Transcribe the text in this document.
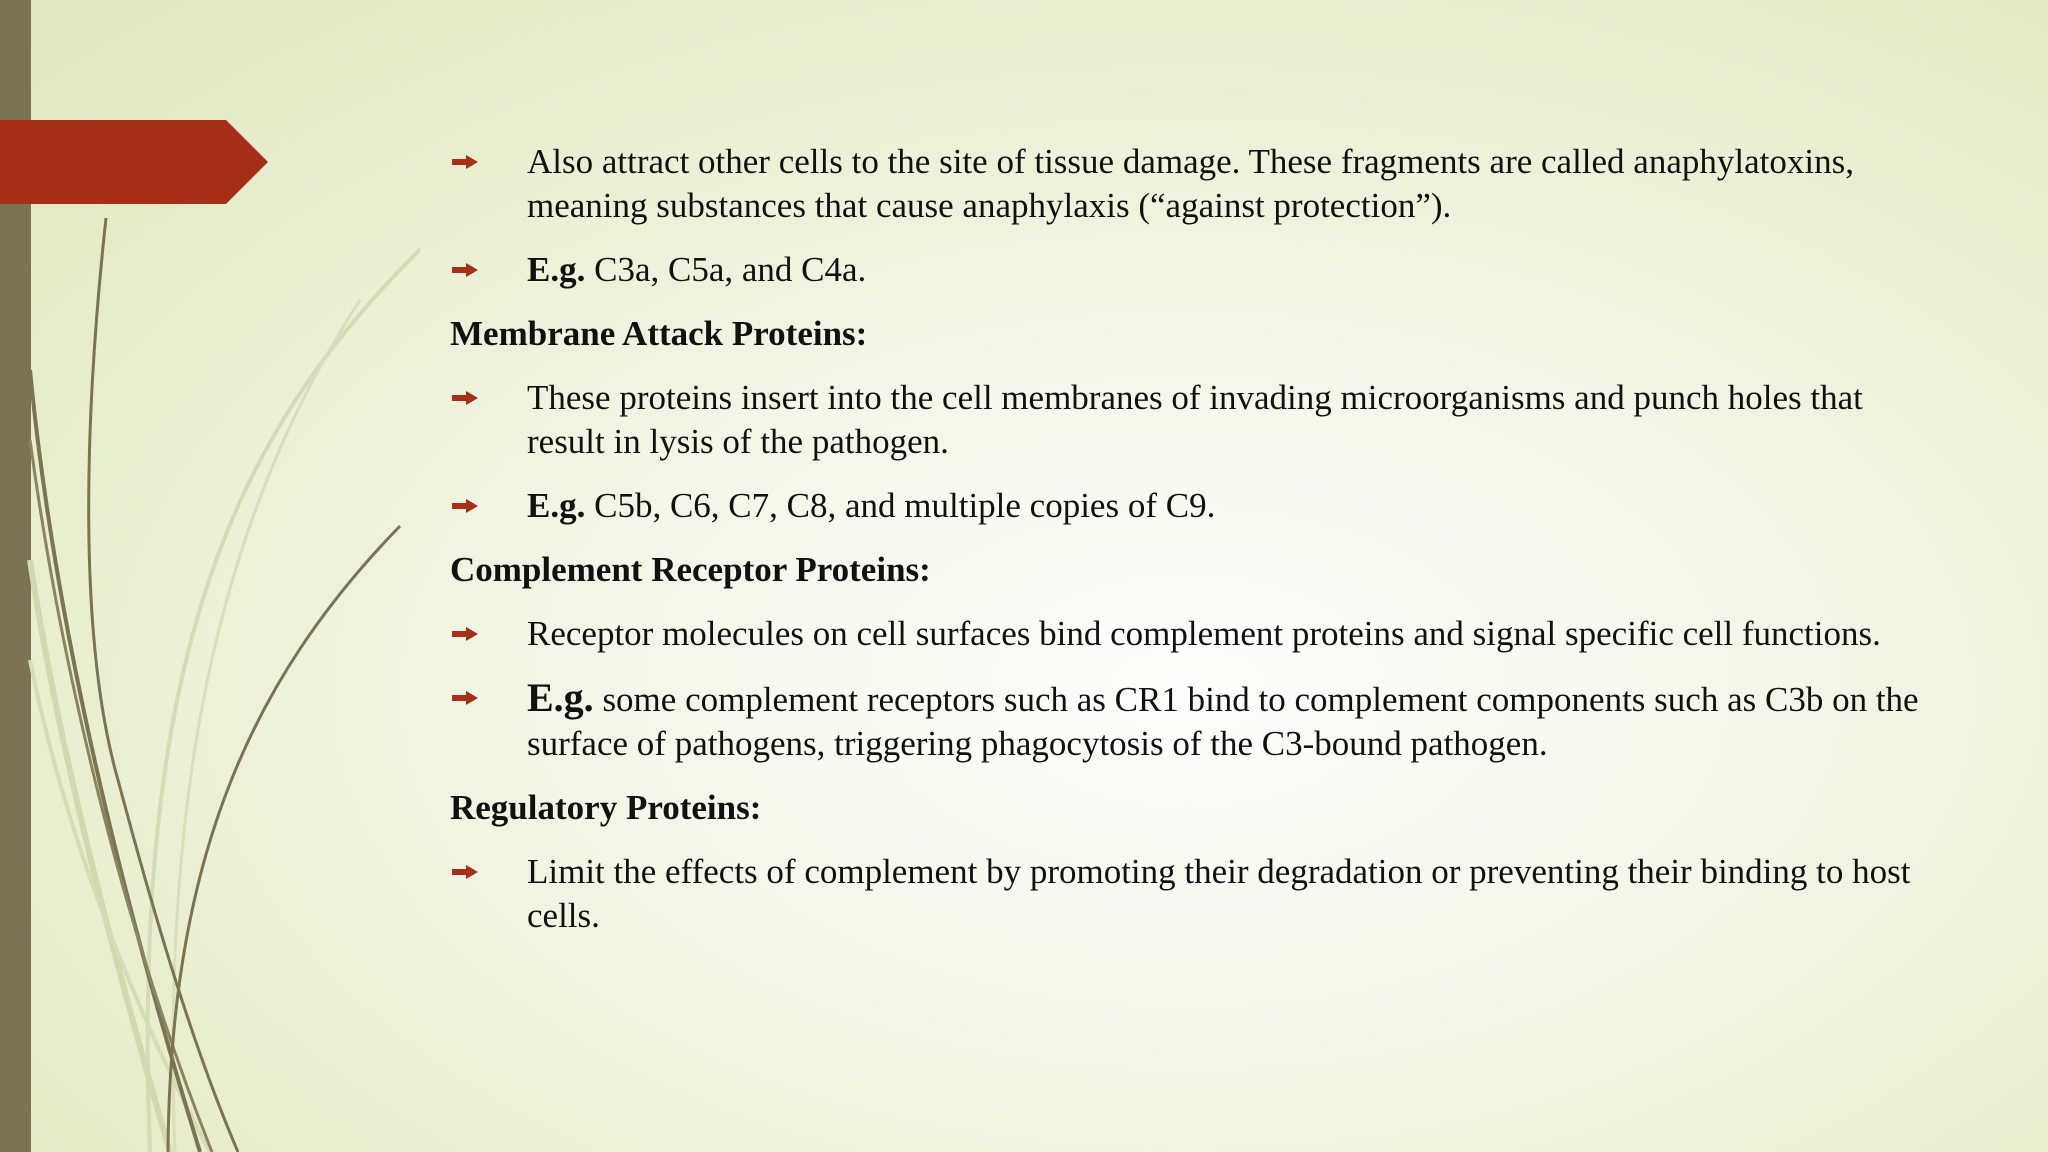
Also attract other cells to the site of tissue damage. These fragments are called anaphylatoxins, meaning substances that cause anaphylaxis (“against protection”).
E.g. C3a, C5a, and C4a.
Membrane Attack Proteins:
These proteins insert into the cell membranes of invading microorganisms and punch holes that result in lysis of the pathogen.
E.g. C5b, C6, C7, C8, and multiple copies of C9.
Complement Receptor Proteins:
Receptor molecules on cell surfaces bind complement proteins and signal specific cell functions.
E.g. some complement receptors such as CR1 bind to complement components such as C3b on the surface of pathogens, triggering phagocytosis of the C3-bound pathogen.
Regulatory Proteins:
Limit the effects of complement by promoting their degradation or preventing their binding to host cells.
